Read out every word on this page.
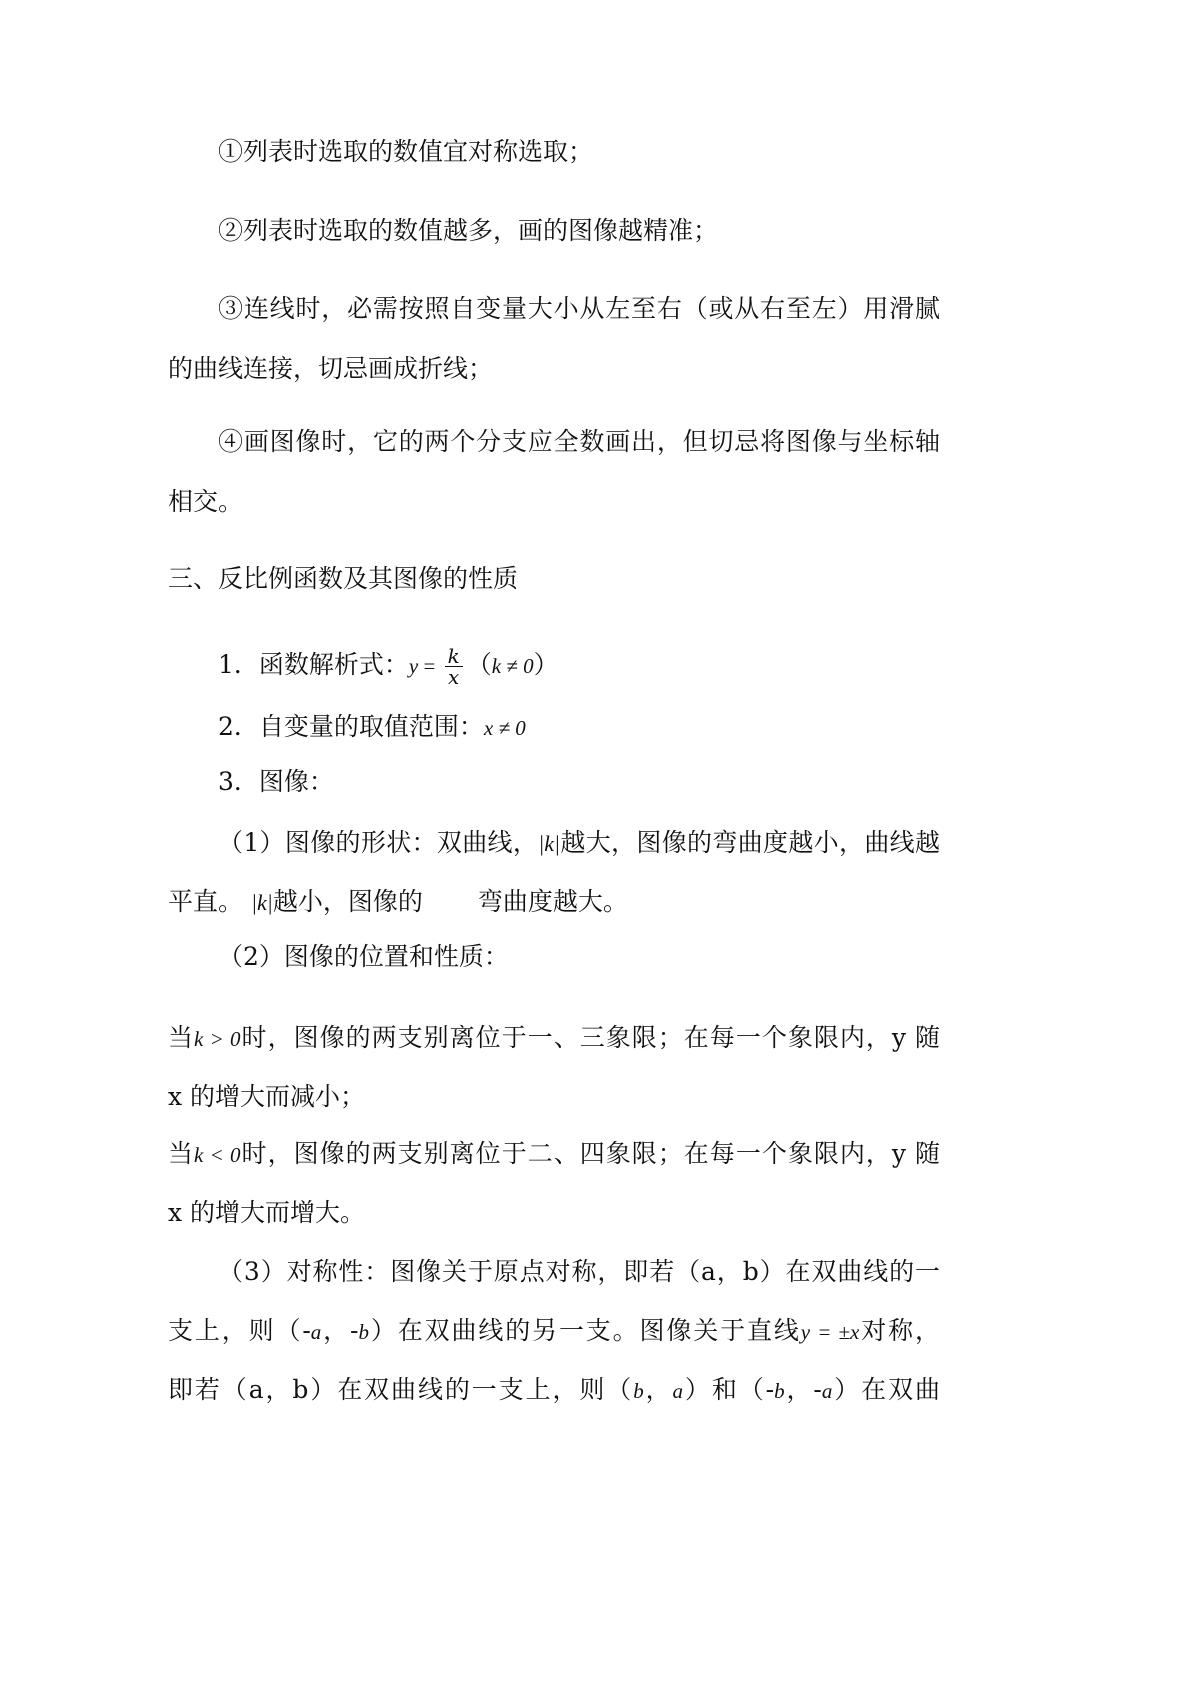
①列表时选取的数值宜对称选取；
②列表时选取的数值越多，画的图像越精准；
③连线时，必需按照自变量大小从左至右（或从右至左）用滑腻
的曲线连接，切忌画成折线；
④画图像时，它的两个分支应全数画出，但切忌将图像与坐标轴
相交。
三、反比例函数及其图像的性质
1．函数解析式：$y = \frac{k}{x} (k \ne 0)$
2．自变量的取值范围：x ≠ 0
3．图像：
（1）图像的形状：双曲线，|k|越大，图像的弯曲度越小，曲线越
平直。 |k|越小，图像的 弯曲度越大。
（2）图像的位置和性质：
当k > 0时，图像的两支别离位于一、三象限；在每一个象限内，y 随
x 的增大而减小；
当k < 0时，图像的两支别离位于二、四象限；在每一个象限内，y 随
x 的增大而增大。
（3）对称性：图像关于原点对称，即若（a，b）在双曲线的一
支上，则（-a，-b）在双曲线的另一支。图像关于直线y = ±x对称，
即若（a，b）在双曲线的一支上，则（b，a）和（-b，-a）在双曲
